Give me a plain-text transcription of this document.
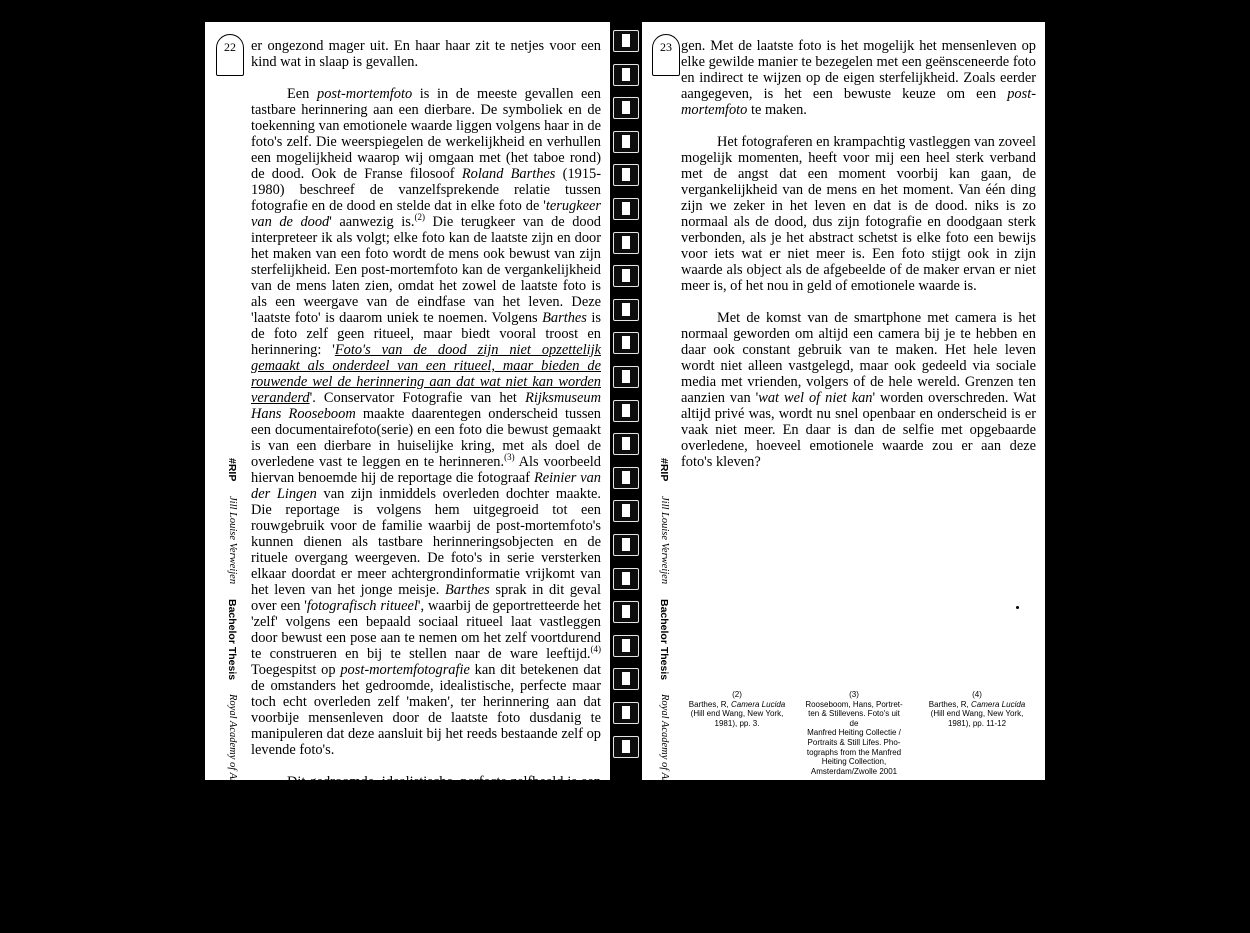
22	er ongezond mager uit. En haar haar zit te netjes voor een kind wat in slaap is gevallen.

Een post-mortemfoto is in de meeste gevallen een tastbare herinnering aan een dierbare. De symboliek en de toekenning van emotionele waarde liggen volgens haar in de foto's zelf. Die weerspiegelen de werkelijkheid en verhullen een mogelijkheid waarop wij omgaan met (het taboe rond) de dood. Ook de Franse filosoof Roland Barthes (1915-1980) beschreef de vanzelfsprekende relatie tussen fotografie en de dood en stelde dat in elke foto de 'terugkeer van de dood' aanwezig is.$^{(2)}$ Die terugkeer van de dood interpreteer ik als volgt; elke foto kan de laatste zijn en door het maken van een foto wordt de mens ook bewust van zijn sterfelijkheid. Een post-mortemfoto kan de vergankelijkheid van de mens laten zien, omdat het zowel de laatste foto is als een weergave van de eindfase van het leven. Deze 'laatste foto' is daarom uniek te noemen. Volgens Barthes is de foto zelf geen ritueel, maar biedt vooral troost en herinnering: 'Foto's van de dood zijn niet opzettelijk gemaakt als onderdeel van een ritueel, maar bieden de rouwende wel de herinnering aan dat wat niet kan worden veranderd'. Conservator Fotografie van het Rijksmuseum Hans Rooseboom maakte daarentegen onderscheid tussen een documentairefoto(serie) en een foto die bewust gemaakt is van een dierbare in huiselijke kring, met als doel de overledene vast te leggen en te herinneren.$^{(3)}$ Als voorbeeld hiervan benoemde hij de reportage die fotograaf Reinier van der Lingen van zijn inmiddels overleden dochter maakte. Die reportage is volgens hem uitgegroeid tot een rouwgebruik voor de familie waarbij de post-mortemfoto's kunnen dienen als tastbare herinneringsobjecten en de rituele overgang weergeven. De foto's in serie versterken elkaar doordat er meer achtergrondinformatie vrijkomt van het leven van het jonge meisje. Barthes sprak in dit geval over een 'fotografisch ritueel', waarbij de geportretteerde het 'zelf' volgens een bepaald sociaal ritueel laat vastleggen door bewust een pose aan te nemen om het zelf voortdurend te construeren en bij te stellen naar de ware leeftijd.$^{(4)}$ Toegespitst op post-mortemfotografie kan dit betekenen dat de omstanders het gedroomde, idealistische, perfecte maar toch echt overleden zelf 'maken', ter herinnering aan dat voorbije mensenleven door de laatste foto dusdanig te manipuleren dat deze aansluit bij het reeds bestaande zelf op levende foto's.

Dit gedroomde, idealistische, perfecte zelfbeeld is een veelvoorkomend onderwerp om op de laatste foto vast te leg-

#RIP Jill Louise Verweijen Bachelor Thesis Royal Academy of Arts The Hague Photography 2019
23 gen. Met de laatste foto is het mogelijk het mensenleven op elke gewilde manier te bezegelen met een geënsceneerde foto en indirect te wijzen op de eigen sterfelijkheid. Zoals eerder aangegeven, is het een bewuste keuze om een post-mortemfoto te maken.

Het fotograferen en krampachtig vastleggen van zoveel mogelijk momenten, heeft voor mij een heel sterk verband met de angst dat een moment voorbij kan gaan, de vergankelijkheid van de mens en het moment. Van één ding zijn we zeker in het leven en dat is de dood. niks is zo normaal als de dood, dus zijn fotografie en doodgaan sterk verbonden, als je het abstract schetst is elke foto een bewijs voor iets wat er niet meer is. Een foto stijgt ook in zijn waarde als object als de afgebeelde of de maker ervan er niet meer is, of het nou in geld of emotionele waarde is.

Met de komst van de smartphone met camera is het normaal geworden om altijd een camera bij je te hebben en daar ook constant gebruik van te maken. Het hele leven wordt niet alleen vastgelegd, maar ook gedeeld via sociale media met vrienden, volgers of de hele wereld. Grenzen ten aanzien van 'wat wel of niet kan' worden overschreden. Wat altijd privé was, wordt nu snel openbaar en onderscheid is er vaak niet meer. En daar is dan de selfie met opgebaarde overledene, hoeveel emotionele waarde zou er aan deze foto's kleven?

#RIP Jill Louise Verweijen Bachelor Thesis Royal Academy of Arts The Hague Photography 2019	(2)
Barthes, R, Camera Lucida
(Hill end Wang, New York,
1981), pp. 3.
(3)
Rooseboom, Hans, Portret-
ten & Stillevens. Foto's uit de
Manfred Heiting Collectie /
Portraits & Still Lifes. Pho-
tographs from the Manfred
Heiting Collection,
Amsterdam/Zwolle 2001
(4)
Barthes, R, Camera Lucida
(Hill end Wang, New York,
1981), pp. 11-12
